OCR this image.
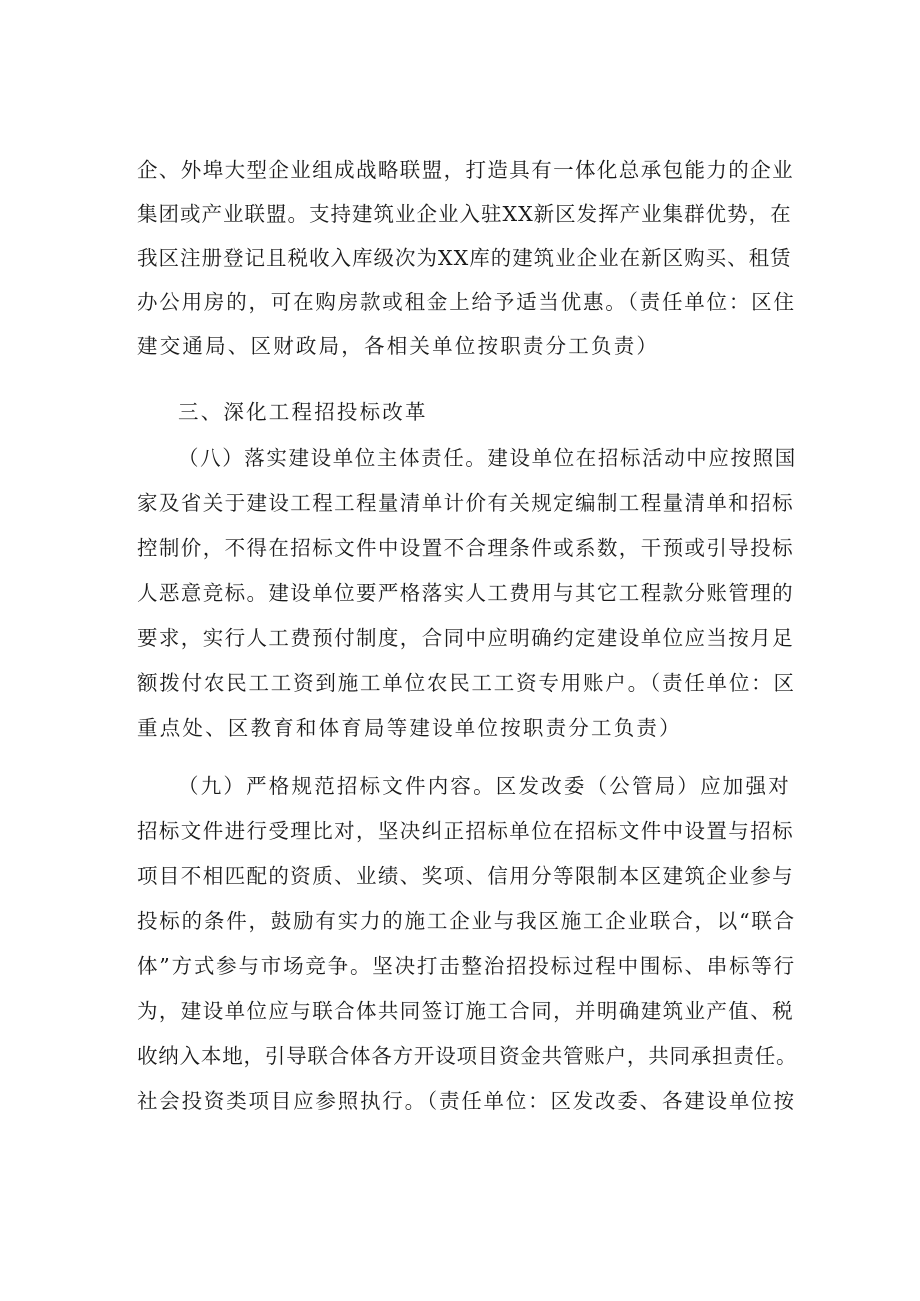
企、外埠大型企业组成战略联盟，打造具有一体化总承包能力的企业
集团或产业联盟。支持建筑业企业入驻XX新区发挥产业集群优势，在
我区注册登记且税收入库级次为XX库的建筑业企业在新区购买、租赁
办公用房的，可在购房款或租金上给予适当优惠。（责任单位：区住
建交通局、区财政局，各相关单位按职责分工负责）
三、深化工程招投标改革
（八）落实建设单位主体责任。建设单位在招标活动中应按照国
家及省关于建设工程工程量清单计价有关规定编制工程量清单和招标
控制价，不得在招标文件中设置不合理条件或系数，干预或引导投标
人恶意竞标。建设单位要严格落实人工费用与其它工程款分账管理的
要求，实行人工费预付制度，合同中应明确约定建设单位应当按月足
额拨付农民工工资到施工单位农民工工资专用账户。（责任单位：区
重点处、区教育和体育局等建设单位按职责分工负责）
（九）严格规范招标文件内容。区发改委（公管局）应加强对
招标文件进行受理比对，坚决纠正招标单位在招标文件中设置与招标
项目不相匹配的资质、业绩、奖项、信用分等限制本区建筑企业参与
投标的条件，鼓励有实力的施工企业与我区施工企业联合，以“联合
体”方式参与市场竞争。坚决打击整治招投标过程中围标、串标等行
为，建设单位应与联合体共同签订施工合同，并明确建筑业产值、税
收纳入本地，引导联合体各方开设项目资金共管账户，共同承担责任。
社会投资类项目应参照执行。（责任单位：区发改委、各建设单位按
